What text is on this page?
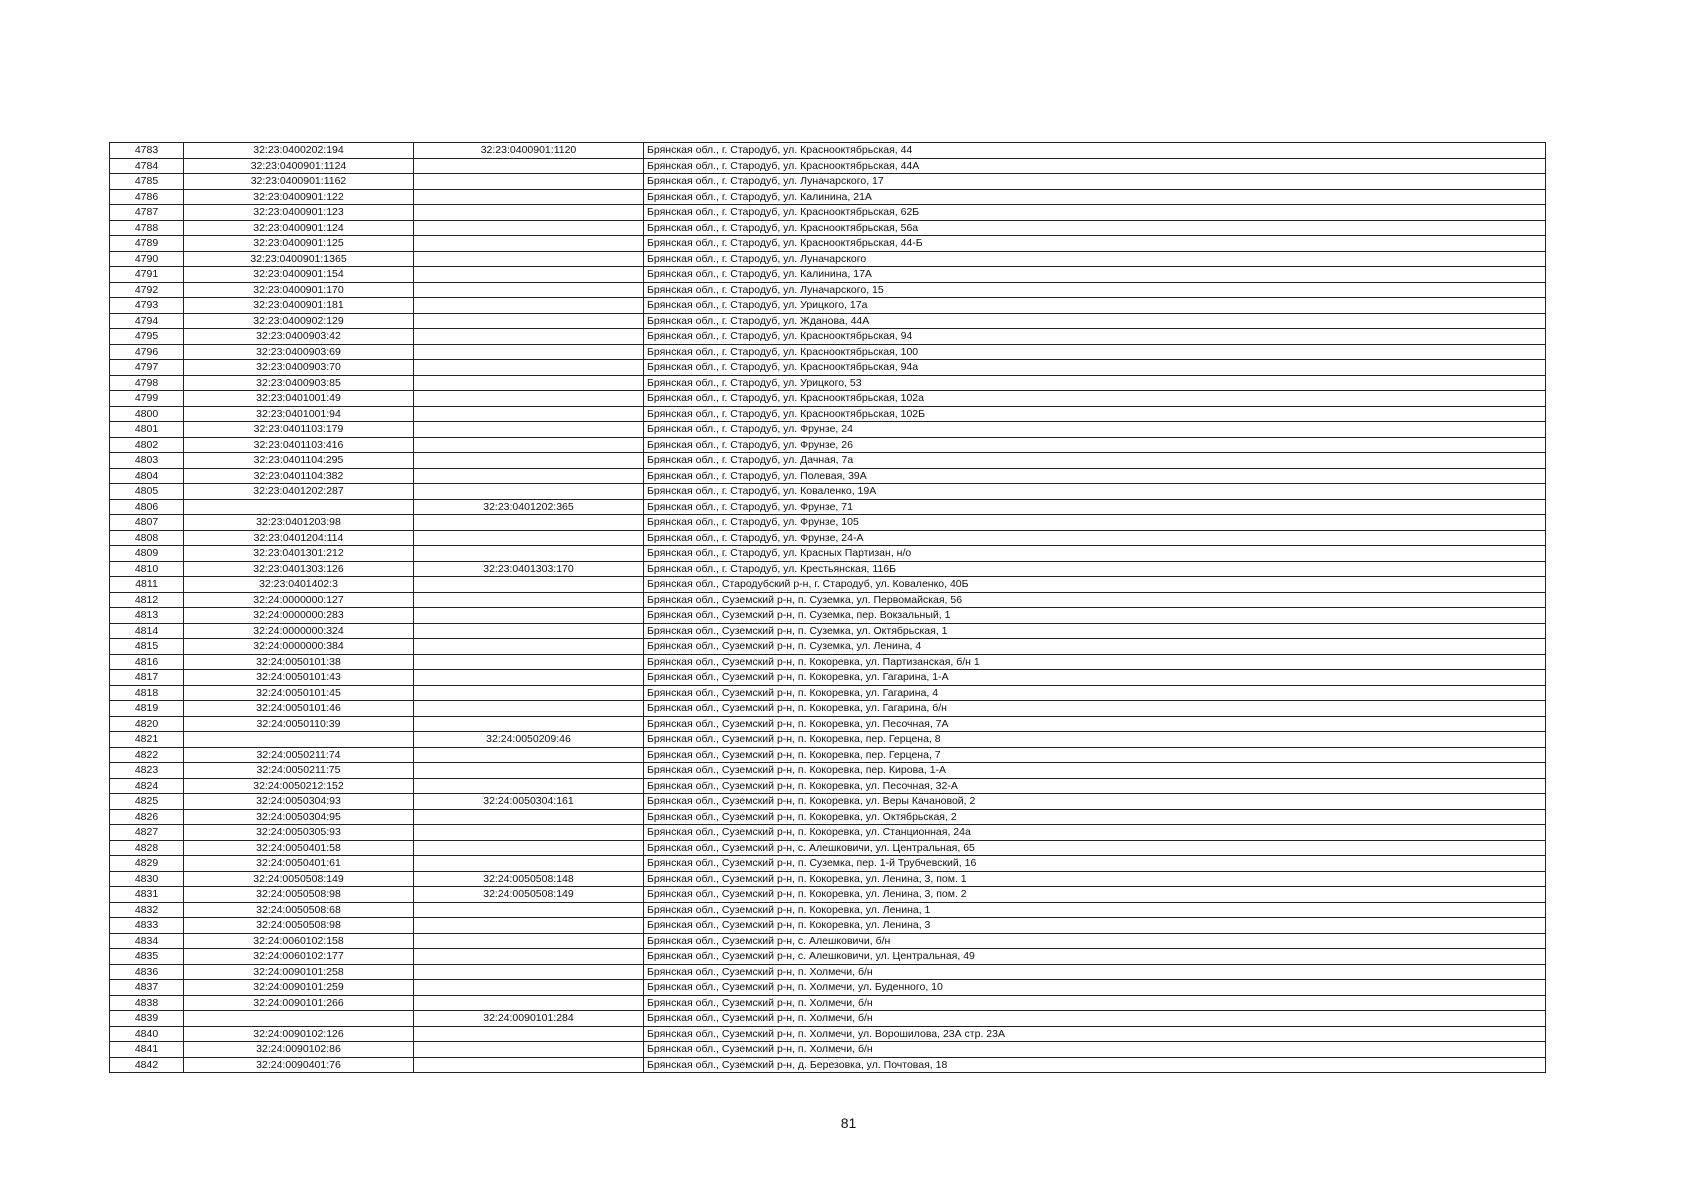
4783	32:23:0400202:194	32:23:0400901:1120	Брянская обл., г. Стародуб, ул. Краснооктябрьская, 44
4784	32:23:0400901:1124		Брянская обл., г. Стародуб, ул. Краснооктябрьская, 44А
4785	32:23:0400901:1162		Брянская обл., г. Стародуб, ул. Луначарского, 17
4786	32:23:0400901:122		Брянская обл., г. Стародуб, ул. Калинина, 21А
4787	32:23:0400901:123		Брянская обл., г. Стародуб, ул. Краснооктябрьская, 62Б
4788	32:23:0400901:124		Брянская обл., г. Стародуб, ул. Краснооктябрьская, 56а
4789	32:23:0400901:125		Брянская обл., г. Стародуб, ул. Краснооктябрьская, 44-Б
4790	32:23:0400901:1365		Брянская обл., г. Стародуб, ул. Луначарского
4791	32:23:0400901:154		Брянская обл., г. Стародуб, ул. Калинина, 17А
4792	32:23:0400901:170		Брянская обл., г. Стародуб, ул. Луначарского, 15
4793	32:23:0400901:181		Брянская обл., г. Стародуб, ул. Урицкого, 17а
4794	32:23:0400902:129		Брянская обл., г. Стародуб, ул. Жданова, 44А
4795	32:23:0400903:42		Брянская обл., г. Стародуб, ул. Краснооктябрьская, 94
4796	32:23:0400903:69		Брянская обл., г. Стародуб, ул. Краснооктябрьская, 100
4797	32:23:0400903:70		Брянская обл., г. Стародуб, ул. Краснооктябрьская, 94а
4798	32:23:0400903:85		Брянская обл., г. Стародуб, ул. Урицкого, 53
4799	32:23:0401001:49		Брянская обл., г. Стародуб, ул. Краснооктябрьская, 102а
4800	32:23:0401001:94		Брянская обл., г. Стародуб, ул. Краснооктябрьская, 102Б
4801	32:23:0401103:179		Брянская обл., г. Стародуб, ул. Фрунзе, 24
4802	32:23:0401103:416		Брянская обл., г. Стародуб, ул. Фрунзе, 26
4803	32:23:0401104:295		Брянская обл., г. Стародуб, ул. Дачная, 7а
4804	32:23:0401104:382		Брянская обл., г. Стародуб, ул. Полевая, 39А
4805	32:23:0401202:287		Брянская обл., г. Стародуб, ул. Коваленко, 19А
4806		32:23:0401202:365	Брянская обл., г. Стародуб, ул. Фрунзе, 71
4807	32:23:0401203:98		Брянская обл., г. Стародуб, ул. Фрунзе, 105
4808	32:23:0401204:114		Брянская обл., г. Стародуб, ул. Фрунзе, 24-А
4809	32:23:0401301:212		Брянская обл., г. Стародуб, ул. Красных Партизан, н/о
4810	32:23:0401303:126	32:23:0401303:170	Брянская обл., г. Стародуб, ул. Крестьянская, 116Б
4811	32:23:0401402:3		Брянская обл., Стародубский р-н, г. Стародуб, ул. Коваленко, 40Б
4812	32:24:0000000:127		Брянская обл., Суземский р-н, п. Суземка, ул. Первомайская, 56
4813	32:24:0000000:283		Брянская обл., Суземский р-н, п. Суземка, пер. Вокзальный, 1
4814	32:24:0000000:324		Брянская обл., Суземский р-н, п. Суземка, ул. Октябрьская, 1
4815	32:24:0000000:384		Брянская обл., Суземский р-н, п. Суземка, ул. Ленина, 4
4816	32:24:0050101:38		Брянская обл., Суземский р-н, п. Кокоревка, ул. Партизанская, б/н 1
4817	32:24:0050101:43		Брянская обл., Суземский р-н, п. Кокоревка, ул. Гагарина, 1-А
4818	32:24:0050101:45		Брянская обл., Суземский р-н, п. Кокоревка, ул. Гагарина, 4
4819	32:24:0050101:46		Брянская обл., Суземский р-н, п. Кокоревка, ул. Гагарина, б/н
4820	32:24:0050110:39		Брянская обл., Суземский р-н, п. Кокоревка, ул. Песочная, 7А
4821		32:24:0050209:46	Брянская обл., Суземский р-н, п. Кокоревка, пер. Герцена, 8
4822	32:24:0050211:74		Брянская обл., Суземский р-н, п. Кокоревка, пер. Герцена, 7
4823	32:24:0050211:75		Брянская обл., Суземский р-н, п. Кокоревка, пер. Кирова, 1-А
4824	32:24:0050212:152		Брянская обл., Суземский р-н, п. Кокоревка, ул. Песочная, 32-А
4825	32:24:0050304:93	32:24:0050304:161	Брянская обл., Суземский р-н, п. Кокоревка, ул. Веры Качановой, 2
4826	32:24:0050304:95		Брянская обл., Суземский р-н, п. Кокоревка, ул. Октябрьская, 2
4827	32:24:0050305:93		Брянская обл., Суземский р-н, п. Кокоревка, ул. Станционная, 24а
4828	32:24:0050401:58		Брянская обл., Суземский р-н, с. Алешковичи, ул. Центральная, 65
4829	32:24:0050401:61		Брянская обл., Суземский р-н, п. Суземка, пер. 1-й Трубчевский, 16
4830	32:24:0050508:149	32:24:0050508:148	Брянская обл., Суземский р-н, п. Кокоревка, ул. Ленина, 3, пом. 1
4831	32:24:0050508:98	32:24:0050508:149	Брянская обл., Суземский р-н, п. Кокоревка, ул. Ленина, 3, пом. 2
4832	32:24:0050508:68		Брянская обл., Суземский р-н, п. Кокоревка, ул. Ленина, 1
4833	32:24:0050508:98		Брянская обл., Суземский р-н, п. Кокоревка, ул. Ленина, 3
4834	32:24:0060102:158		Брянская обл., Суземский р-н, с. Алешковичи, б/н
4835	32:24:0060102:177		Брянская обл., Суземский р-н, с. Алешковичи, ул. Центральная, 49
4836	32:24:0090101:258		Брянская обл., Суземский р-н, п. Холмечи, б/н
4837	32:24:0090101:259		Брянская обл., Суземский р-н, п. Холмечи, ул. Буденного, 10
4838	32:24:0090101:266		Брянская обл., Суземский р-н, п. Холмечи, б/н
4839		32:24:0090101:284	Брянская обл., Суземский р-н, п. Холмечи, б/н
4840	32:24:0090102:126		Брянская обл., Суземский р-н, п. Холмечи, ул. Ворошилова, 23А стр. 23А
4841	32:24:0090102:86		Брянская обл., Суземский р-н, п. Холмечи, б/н
4842	32:24:0090401:76		Брянская обл., Суземский р-н, д. Березовка, ул. Почтовая, 18
81
